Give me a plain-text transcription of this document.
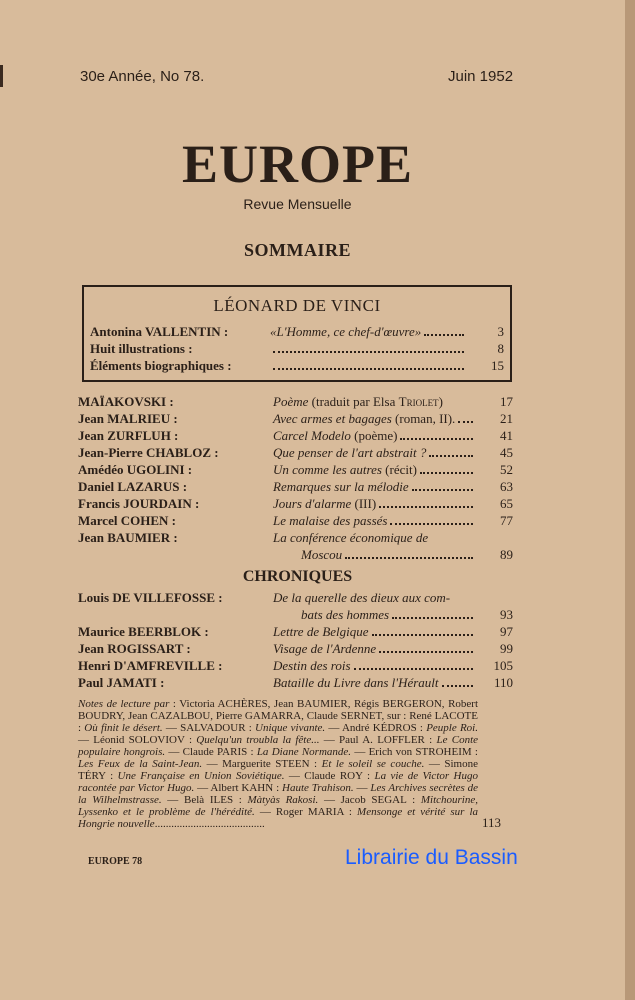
30e Année, No 78.	Juin 1952
EUROPE
Revue Mensuelle
SOMMAIRE
LÉONARD DE VINCI
Antonina VALLENTIN :	«L'Homme, ce chef-d'œuvre»	3
Huit illustrations :	8
Éléments biographiques :	15
MAÏAKOVSKI :	Poème (traduit par Elsa Triolet)	17
Jean MALRIEU :	Avec armes et bagages (roman, II).	21
Jean ZURFLUH :	Carcel Modelo (poème)	41
Jean-Pierre CHABLOZ :	Que penser de l'art abstrait ?	45
Amédéo UGOLINI :	Un comme les autres (récit)	52
Daniel LAZARUS :	Remarques sur la mélodie	63
Francis JOURDAIN :	Jours d'alarme (III)	65
Marcel COHEN :	Le malaise des passés	77
Jean BAUMIER :	La conférence économique de
Moscou	89
CHRONIQUES
Louis DE VILLEFOSSE :	De la querelle des dieux aux com-
bats des hommes	93
Maurice BEERBLOK :	Lettre de Belgique	97
Jean ROGISSART :	Visage de l'Ardenne	99
Henri D'AMFREVILLE :	Destin des rois	105
Paul JAMATI :	Bataille du Livre dans l'Hérault	110
Notes de lecture par : Victoria ACHÈRES, Jean BAUMIER, Régis BERGERON, Robert BOUDRY, Jean CAZALBOU, Pierre GAMARRA, Claude SERNET, sur : René LACOTE : Où finit le désert. — SALVADOUR : Unique vivante. — André KÉDROS : Peuple Roi. — Léonid SOLOVIOV : Quelqu'un troubla la fête... — Paul A. LOFFLER : Le Conte populaire hongrois. — Claude PARIS : La Diane Normande. — Erich von STROHEIM : Les Feux de la Saint-Jean. — Marguerite STEEN : Et le soleil se couche. — Simone TÉRY : Une Française en Union Soviétique. — Claude ROY : La vie de Victor Hugo racontée par Victor Hugo. — Albert KAHN : Haute Trahison. — Les Archives secrètes de la Wilhelmstrasse. — Belà ILES : Màtyàs Rakosi. — Jacob SEGAL : Mitchourine, Lyssenko et le problème de l'hérédité. — Roger MARIA : Mensonge et vérité sur la Hongrie nouvelle........................................	113
EUROPE 78	Librairie du Bassin
